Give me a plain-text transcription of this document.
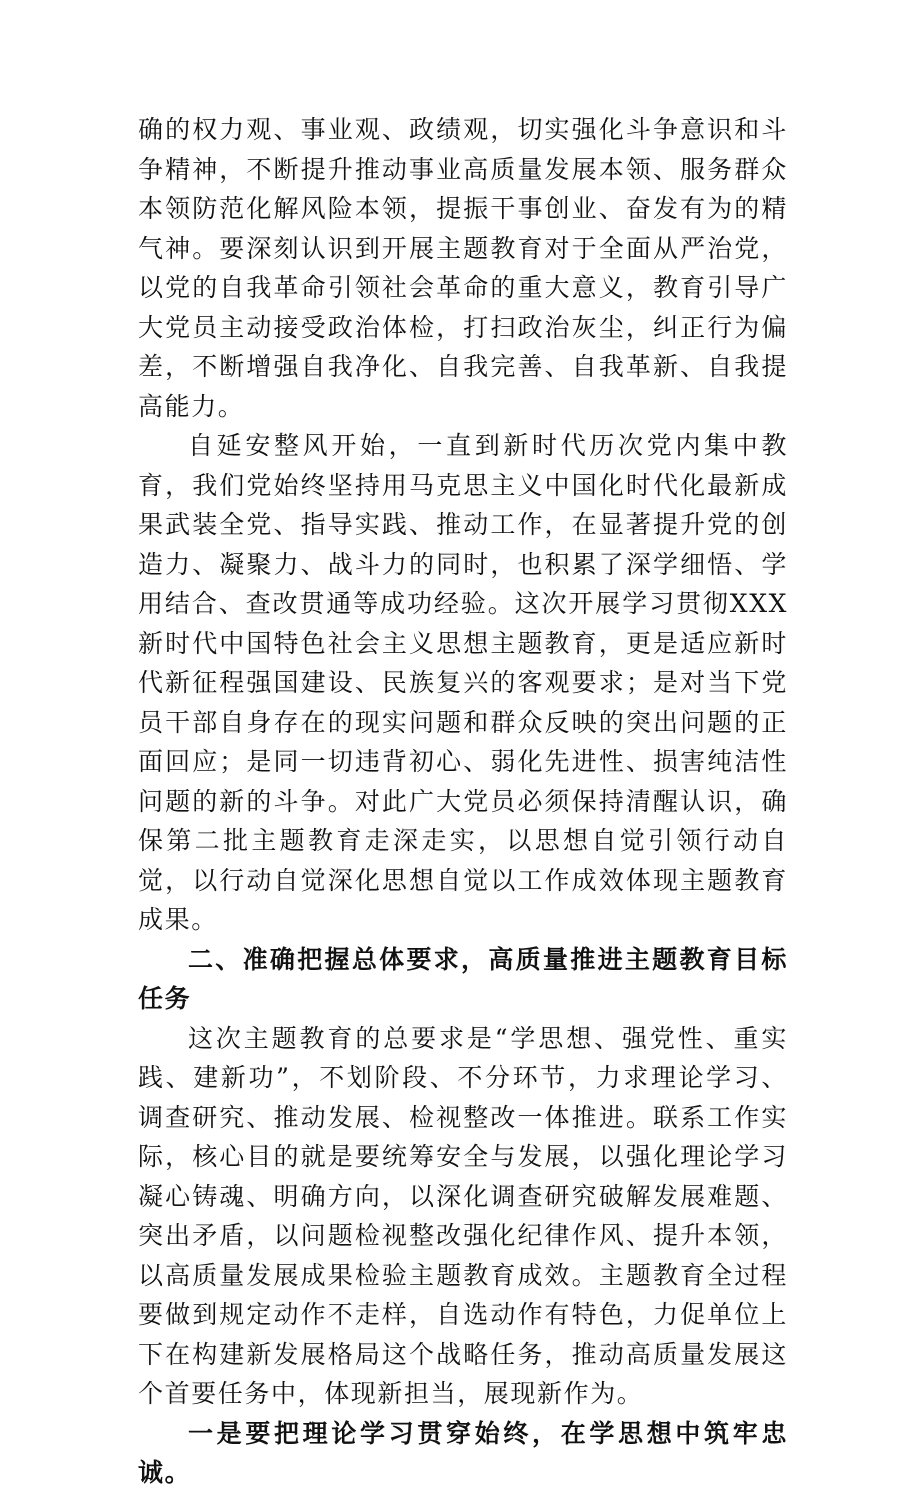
确的权力观、事业观、政绩观，切实强化斗争意识和斗争精神，不断提升推动事业高质量发展本领、服务群众本领防范化解风险本领，提振干事创业、奋发有为的精气神。要深刻认识到开展主题教育对于全面从严治党，以党的自我革命引领社会革命的重大意义，教育引导广大党员主动接受政治体检，打扫政治灰尘，纠正行为偏差，不断增强自我净化、自我完善、自我革新、自我提高能力。

自延安整风开始，一直到新时代历次党内集中教育，我们党始终坚持用马克思主义中国化时代化最新成果武装全党、指导实践、推动工作，在显著提升党的创造力、凝聚力、战斗力的同时，也积累了深学细悟、学用结合、查改贯通等成功经验。这次开展学习贯彻XXX新时代中国特色社会主义思想主题教育，更是适应新时代新征程强国建设、民族复兴的客观要求；是对当下党员干部自身存在的现实问题和群众反映的突出问题的正面回应；是同一切违背初心、弱化先进性、损害纯洁性问题的新的斗争。对此广大党员必须保持清醒认识，确保第二批主题教育走深走实，以思想自觉引领行动自觉，以行动自觉深化思想自觉以工作成效体现主题教育成果。

二、准确把握总体要求，高质量推进主题教育目标任务

这次主题教育的总要求是“学思想、强党性、重实践、建新功”，不划阶段、不分环节，力求理论学习、调查研究、推动发展、检视整改一体推进。联系工作实际，核心目的就是要统筹安全与发展，以强化理论学习凝心铸魂、明确方向，以深化调查研究破解发展难题、突出矛盾，以问题检视整改强化纪律作风、提升本领，以高质量发展成果检验主题教育成效。主题教育全过程要做到规定动作不走样，自选动作有特色，力促单位上下在构建新发展格局这个战略任务，推动高质量发展这个首要任务中，体现新担当，展现新作为。

一是要把理论学习贯穿始终，在学思想中筑牢忠诚。
